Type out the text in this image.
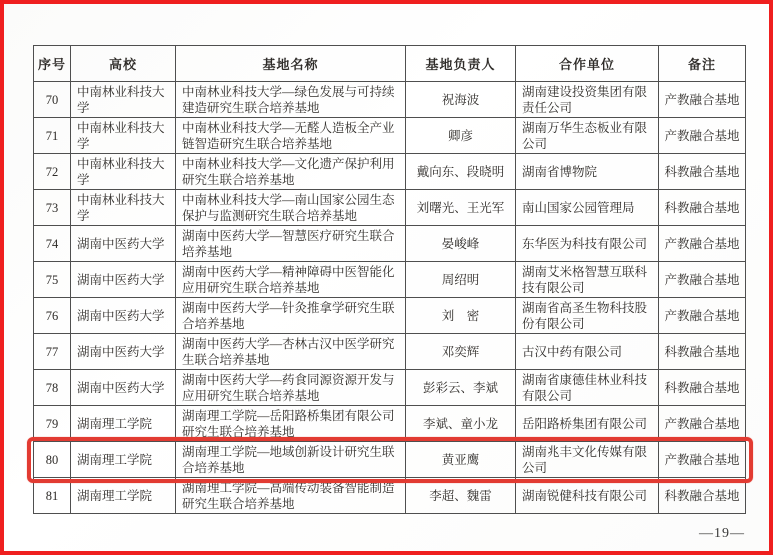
序号	高校	基地名称	基地负责人	合作单位	备注
70	中南林业科技大学	中南林业科技大学—绿色发展与可持续建造研究生联合培养基地	祝海波	湖南建设投资集团有限责任公司	产教融合基地
71	中南林业科技大学	中南林业科技大学—无醛人造板全产业链智造研究生联合培养基地	卿彦	湖南万华生态板业有限公司	产教融合基地
72	中南林业科技大学	中南林业科技大学—文化遗产保护利用研究生联合培养基地	戴向东、段晓明	湖南省博物院	科教融合基地
73	中南林业科技大学	中南林业科技大学—南山国家公园生态保护与监测研究生联合培养基地	刘曙光、王光军	南山国家公园管理局	科教融合基地
74	湖南中医药大学	湖南中医药大学—智慧医疗研究生联合培养基地	晏峻峰	东华医为科技有限公司	产教融合基地
75	湖南中医药大学	湖南中医药大学—精神障碍中医智能化应用研究生联合培养基地	周绍明	湖南艾米格智慧互联科技有限公司	产教融合基地
76	湖南中医药大学	湖南中医药大学—针灸推拿学研究生联合培养基地	刘　密	湖南省高圣生物科技股份有限公司	产教融合基地
77	湖南中医药大学	湖南中医药大学—杏林古汉中医学研究生联合培养基地	邓奕辉	古汉中药有限公司	科教融合基地
78	湖南中医药大学	湖南中医药大学—药食同源资源开发与应用研究生联合培养基地	彭彩云、李斌	湖南省康德佳林业科技有限公司	科教融合基地
79	湖南理工学院	湖南理工学院—岳阳路桥集团有限公司研究生联合培养基地	李斌、童小龙	岳阳路桥集团有限公司	产教融合基地
80	湖南理工学院	湖南理工学院—地域创新设计研究生联合培养基地	黄亚鹰	湖南兆丰文化传媒有限公司	产教融合基地
81	湖南理工学院	湖南理工学院—高端传动装备智能制造研究生联合培养基地	李超、魏雷	湖南锐健科技有限公司	科教融合基地
—19—
